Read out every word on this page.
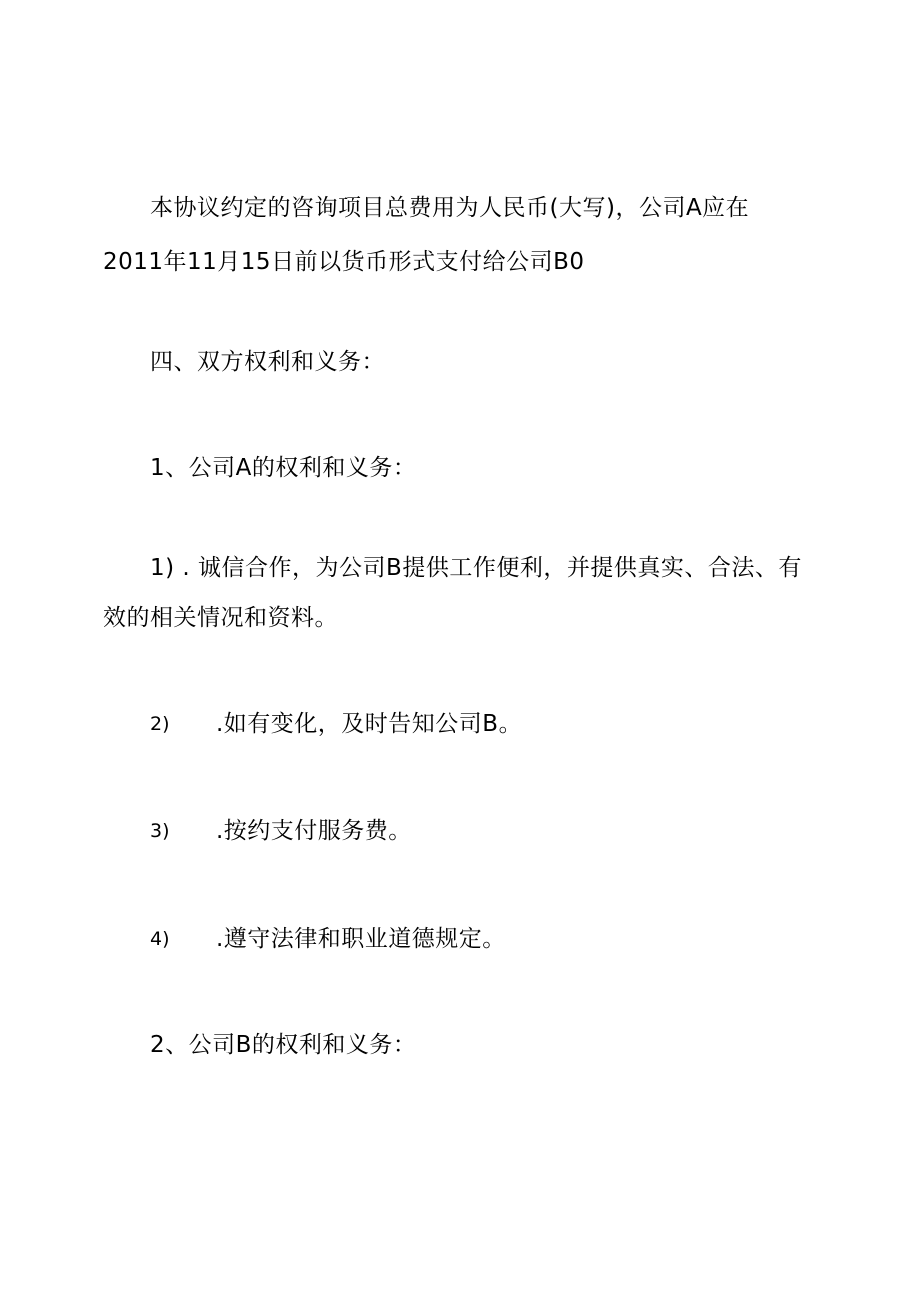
本协议约定的咨询项目总费用为人民币(大写)，公司A应在
2011年11月15日前以货币形式支付给公司B0
四、双方权利和义务：
1、公司A的权利和义务：
1) . 诚信合作，为公司B提供工作便利，并提供真实、合法、有
效的相关情况和资料。
2) .如有变化，及时告知公司B。
3) .按约支付服务费。
4) .遵守法律和职业道德规定。
2、公司B的权利和义务：
